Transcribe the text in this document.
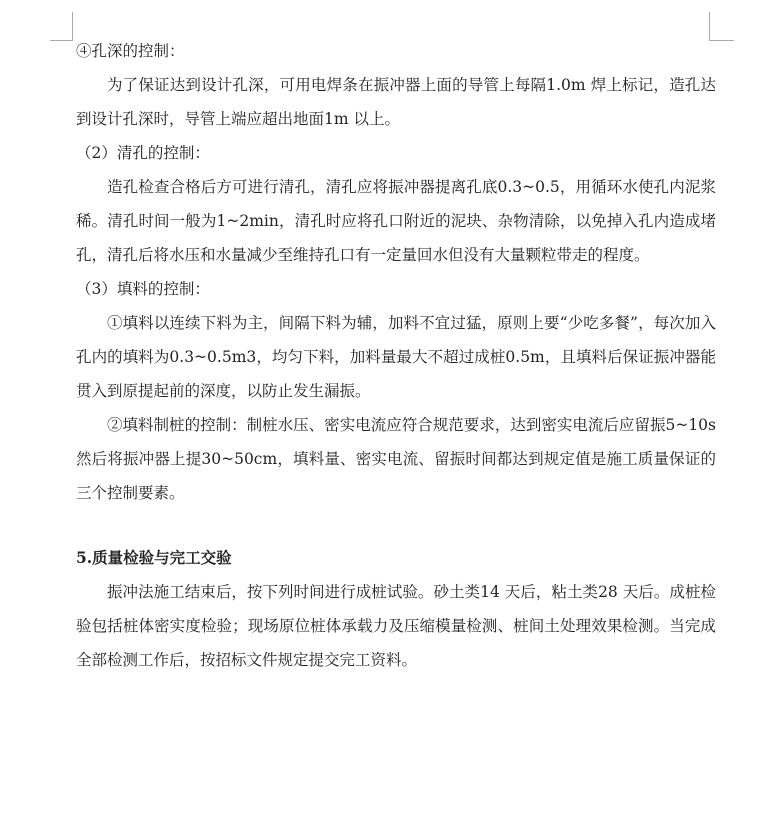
④孔深的控制：

为了保证达到设计孔深，可用电焊条在振冲器上面的导管上每隔1.0m 焊上标记，造孔达到设计孔深时，导管上端应超出地面1m 以上。

（2）清孔的控制：

造孔检查合格后方可进行清孔，清孔应将振冲器提离孔底0.3~0.5，用循环水使孔内泥浆稀。清孔时间一般为1~2min，清孔时应将孔口附近的泥块、杂物清除，以免掉入孔内造成堵孔，清孔后将水压和水量减少至维持孔口有一定量回水但没有大量颗粒带走的程度。

（3）填料的控制：

①填料以连续下料为主，间隔下料为辅，加料不宜过猛，原则上要“少吃多餐”，每次加入孔内的填料为0.3~0.5m3，均匀下料，加料量最大不超过成桩0.5m，且填料后保证振冲器能贯入到原提起前的深度，以防止发生漏振。

②填料制桩的控制：制桩水压、密实电流应符合规范要求，达到密实电流后应留振5~10s 然后将振冲器上提30~50cm，填料量、密实电流、留振时间都达到规定值是施工质量保证的三个控制要素。

5.质量检验与完工交验

振冲法施工结束后，按下列时间进行成桩试验。砂土类14 天后，粘土类28 天后。成桩检验包括桩体密实度检验；现场原位桩体承载力及压缩模量检测、桩间土处理效果检测。当完成全部检测工作后，按招标文件规定提交完工资料。
